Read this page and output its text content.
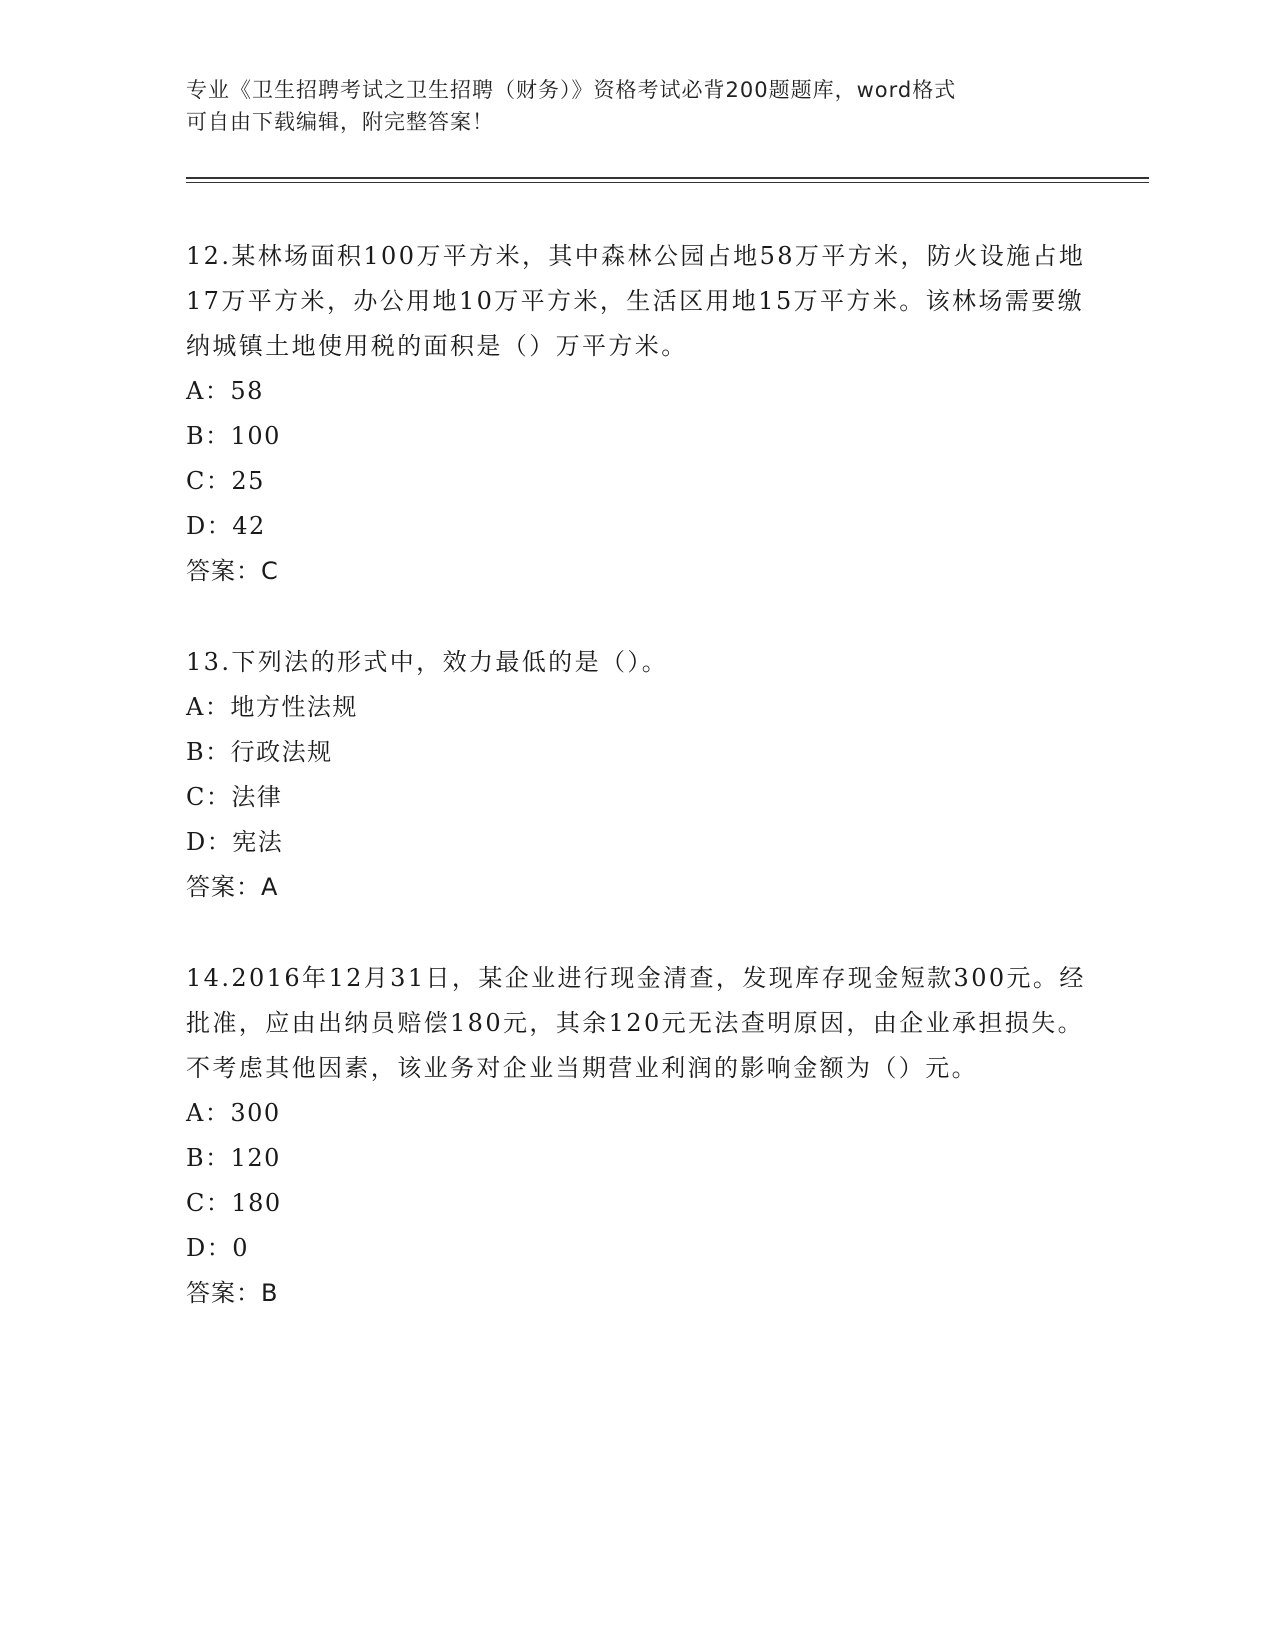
专业《卫生招聘考试之卫生招聘（财务）》资格考试必背200题题库，word格式
可自由下载编辑，附完整答案！

12.某林场面积100万平方米，其中森林公园占地58万平方米，防火设施占地17万平方米，办公用地10万平方米，生活区用地15万平方米。该林场需要缴纳城镇土地使用税的面积是（）万平方米。

A：58

B：100

C：25

D：42

答案：C

13.下列法的形式中，效力最低的是（）。

A：地方性法规

B：行政法规

C：法律

D：宪法

答案：A

14.2016年12月31日，某企业进行现金清查，发现库存现金短款300元。经批准，应由出纳员赔偿180元，其余120元无法查明原因，由企业承担损失。不考虑其他因素，该业务对企业当期营业利润的影响金额为（）元。

A：300

B：120

C：180

D：0

答案：B
